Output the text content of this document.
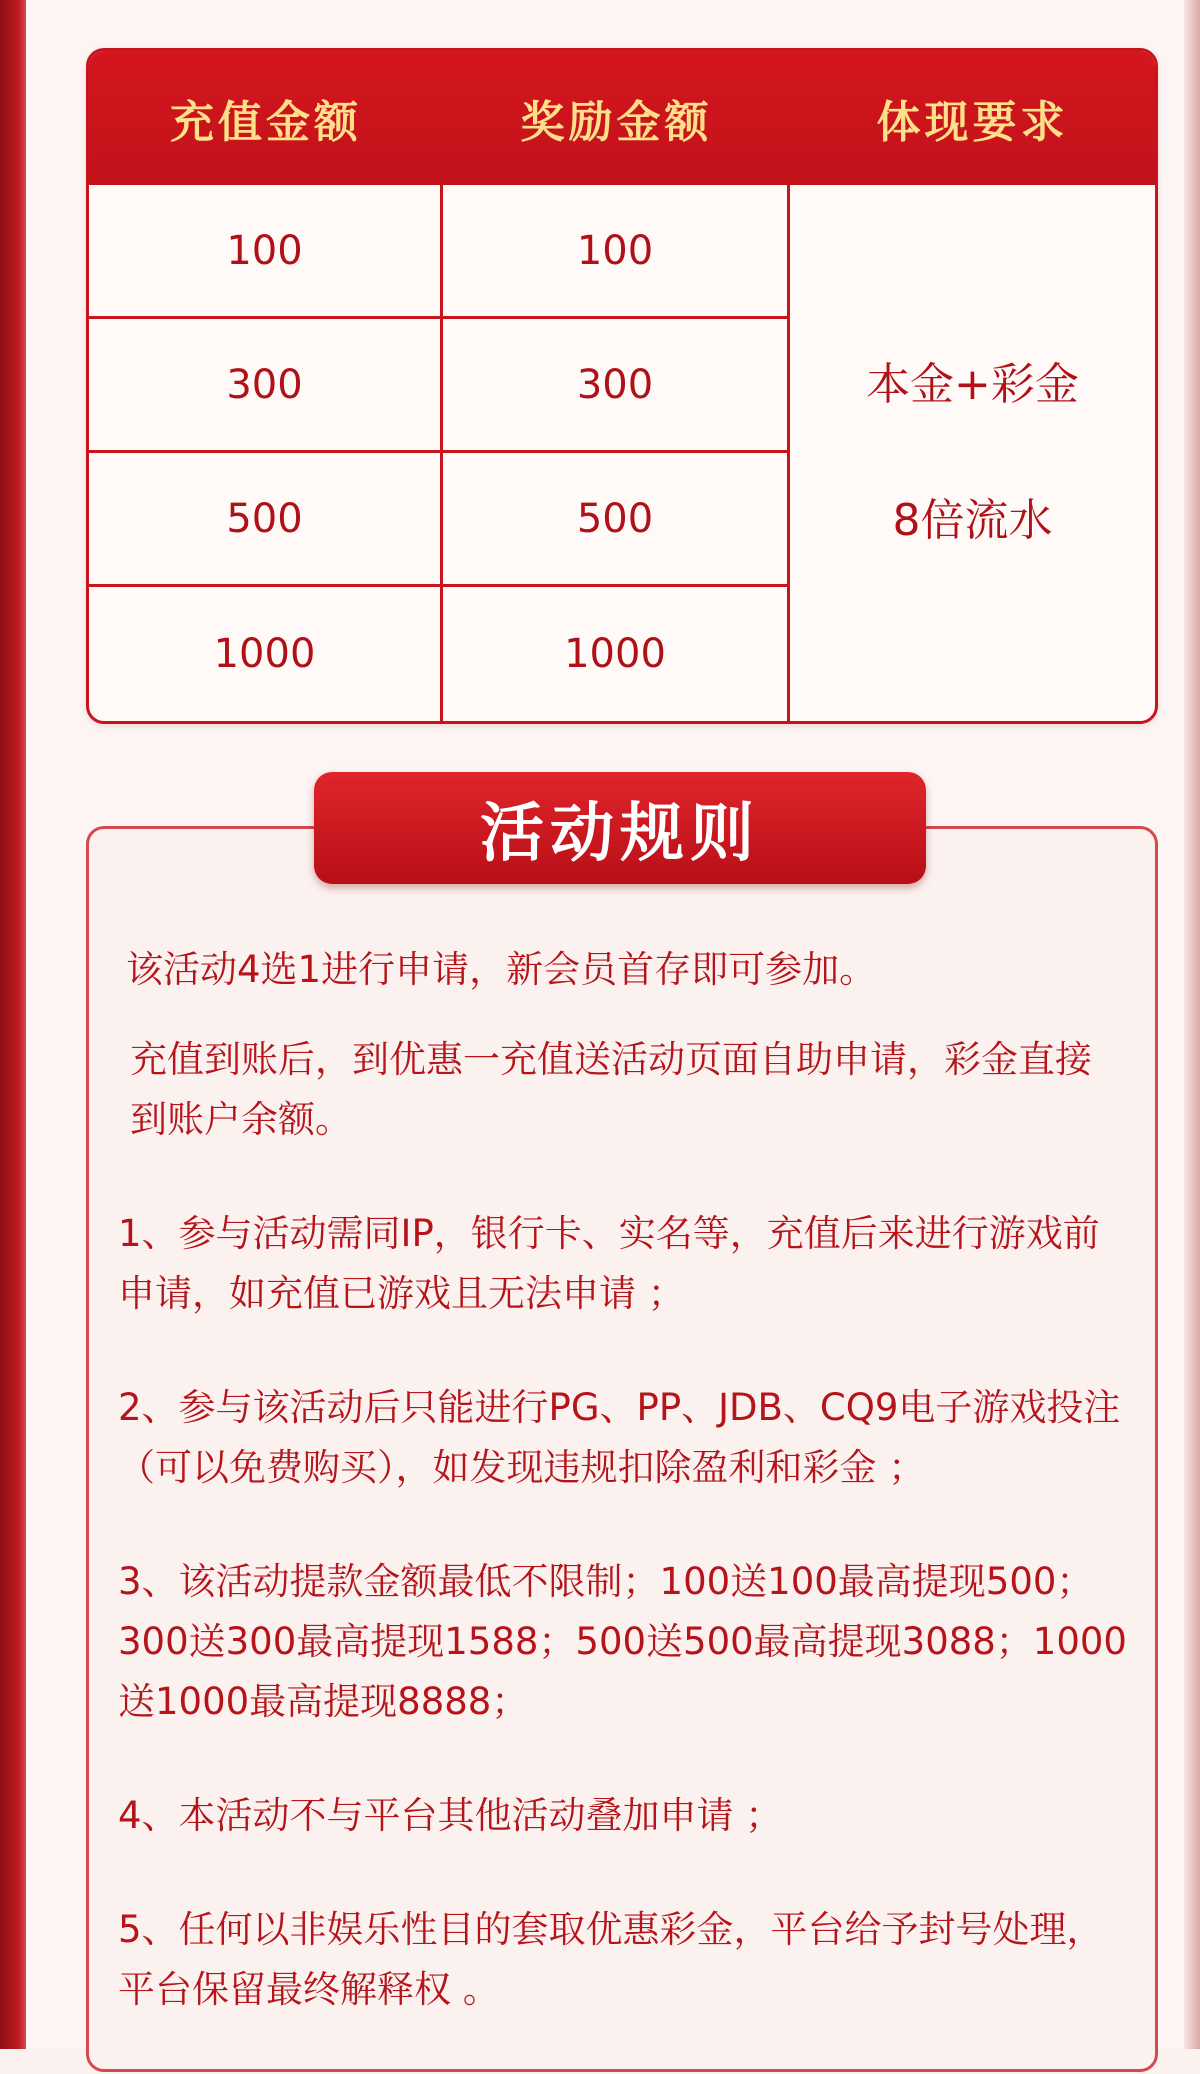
充值金额	奖励金额	体现要求
100	100
300	300
500	500
1000	1000
本金+彩金
8倍流水
活动规则

该活动4选1进行申请，新会员首存即可参加。

充值到账后，到优惠一充值送活动页面自助申请，彩金直接到账户余额。

1、参与活动需同IP，银行卡、实名等，充值后来进行游戏前申请，如充值已游戏且无法申请 ；

2、参与该活动后只能进行PG、PP、JDB、CQ9电子游戏投注（可以免费购买），如发现违规扣除盈利和彩金 ；

3、该活动提款金额最低不限制；100送100最高提现500；300送300最高提现1588；500送500最高提现3088；1000送1000最高提现8888；

4、本活动不与平台其他活动叠加申请 ；

5、任何以非娱乐性目的套取优惠彩金，平台给予封号处理，平台保留最终解释权 。
